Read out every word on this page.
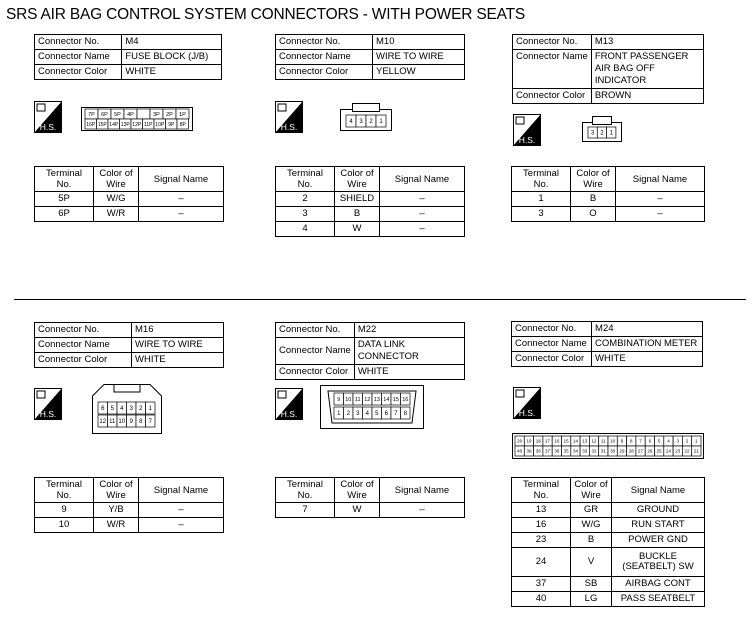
SRS AIR BAG CONTROL SYSTEM CONNECTORS - WITH POWER SEATS
Connector No.	M4
Connector Name	FUSE BLOCK (J/B)
Connector Color	WHITE
H.S.
7P 6P 5P 4P	3P 2P 1P
16P 15P 14P 13P 12P 11P 10P 9P 8P
Terminal No.	Color of
Wire	Signal Name
5P	W/G	–
6P	W/R	–
Connector No.	M10
Connector Name	WIRE TO WIRE
Connector Color	YELLOW
H.S.	4 3 2 1
Terminal No.	Color of
Wire	Signal Name
2	SHIELD	–
3	B	–
4	W	–
Connector No.	M13
Connector Name	FRONT PASSENGER AIR BAG OFF INDICATOR
Connector Color	BROWN
H.S.
3 2 1
Terminal No.	Color of
Wire	Signal Name
1	B	–
3	O	–
Connector No.	M16
Connector Name	WIRE TO WIRE
Connector Color	WHITE
H.S.	6 5 4 3 2 1
12 11 10 9 8 7
Terminal No.	Color of
Wire	Signal Name
9	Y/B	–
10	W/R	–
Connector No.	M22
Connector Name	DATA LINK CONNECTOR
Connector Color	WHITE
H.S.
9 10 11 12 13 14 15 16
1 2 3 4 5 6 7 8
Terminal No.	Color of
Wire	Signal Name
7	W	–
Connector No.	M24
Connector Name	COMBINATION METER
Connector Color	WHITE
H.S.
20 19 18 17 16 15 14 13 12 11 10 9 8 7 6 5 4 3 2 1
40 39 38 37 36 35 34 33 32 31 30 29 28 27 26 25 24 23 22 21
Terminal No.	Color of
Wire	Signal Name
13	GR	GROUND
16	W/G	RUN START
23	B	POWER GND
24	V	BUCKLE (SEATBELT) SW
37	SB	AIRBAG CONT
40	LG	PASS SEATBELT
